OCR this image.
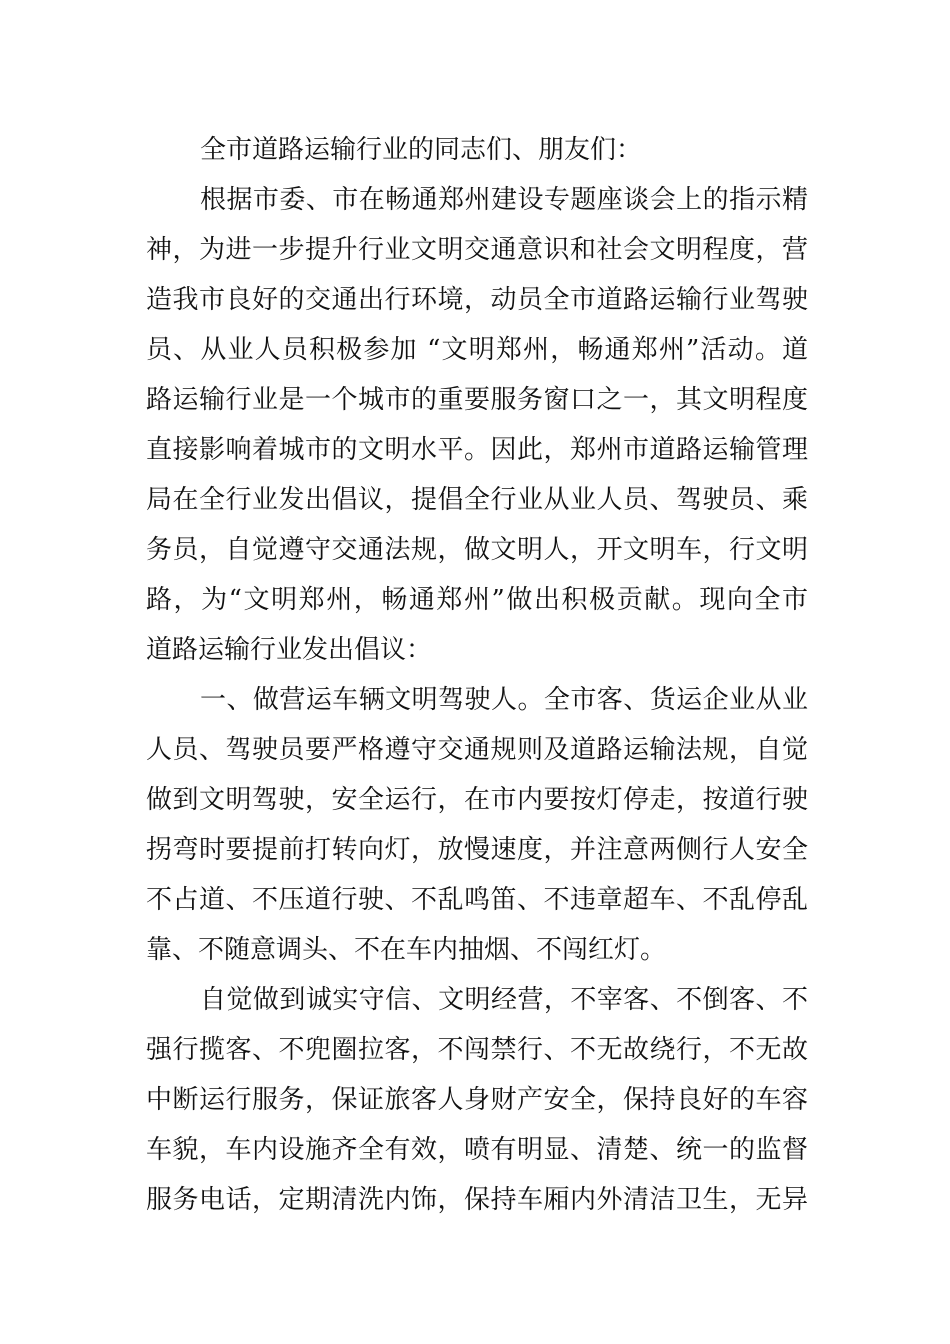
全市道路运输行业的同志们、朋友们：
根据市委、市在畅通郑州建设专题座谈会上的指示精
神，为进一步提升行业文明交通意识和社会文明程度，营
造我市良好的交通出行环境，动员全市道路运输行业驾驶
员、从业人员积极参加 “文明郑州，畅通郑州”活动。道
路运输行业是一个城市的重要服务窗口之一，其文明程度
直接影响着城市的文明水平。因此，郑州市道路运输管理
局在全行业发出倡议，提倡全行业从业人员、驾驶员、乘
务员，自觉遵守交通法规，做文明人，开文明车，行文明
路，为“文明郑州，畅通郑州”做出积极贡献。现向全市
道路运输行业发出倡议：
一、做营运车辆文明驾驶人。全市客、货运企业从业
人员、驾驶员要严格遵守交通规则及道路运输法规，自觉
做到文明驾驶，安全运行，在市内要按灯停走，按道行驶
拐弯时要提前打转向灯，放慢速度，并注意两侧行人安全
不占道、不压道行驶、不乱鸣笛、不违章超车、不乱停乱
靠、不随意调头、不在车内抽烟、不闯红灯。
自觉做到诚实守信、文明经营，不宰客、不倒客、不
强行揽客、不兜圈拉客，不闯禁行、不无故绕行，不无故
中断运行服务，保证旅客人身财产安全，保持良好的车容
车貌，车内设施齐全有效，喷有明显、清楚、统一的监督
服务电话，定期清洗内饰，保持车厢内外清洁卫生，无异
